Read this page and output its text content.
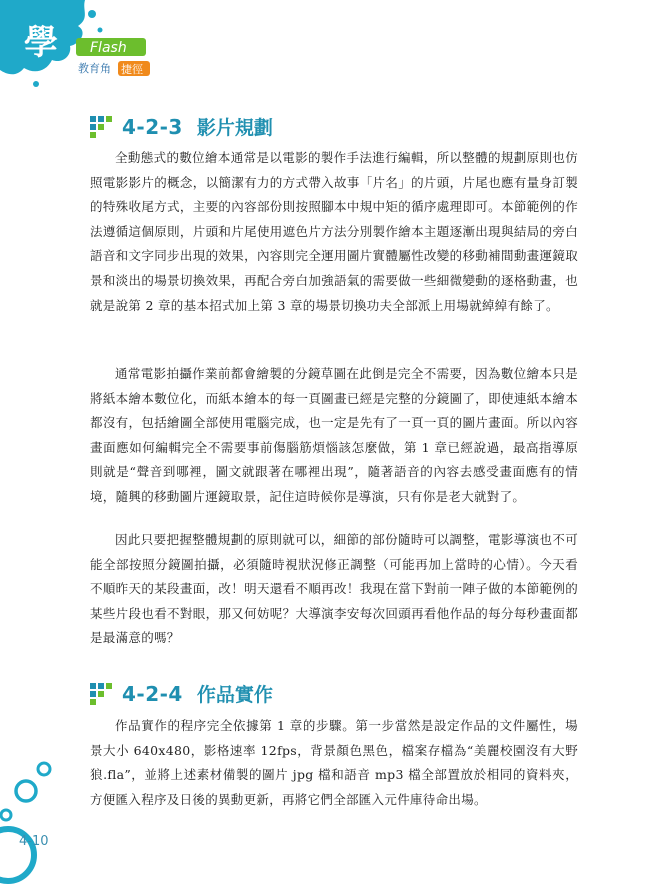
學 Flash
教育角 捷徑
4-2-3 影片規劃

全動態式的數位繪本通常是以電影的製作手法進行編輯，所以整體的規劃原則也仿照電影影片的概念，以簡潔有力的方式帶入故事「片名」的片頭，片尾也應有量身訂製的特殊收尾方式，主要的內容部份則按照腳本中規中矩的循序處理即可。本節範例的作法遵循這個原則，片頭和片尾使用遮色片方法分別製作繪本主題逐漸出現與結局的旁白語音和文字同步出現的效果，內容則完全運用圖片實體屬性改變的移動補間動畫運鏡取景和淡出的場景切換效果，再配合旁白加強語氣的需要做一些細微變動的逐格動畫，也就是說第 2 章的基本招式加上第 3 章的場景切換功夫全部派上用場就綽綽有餘了。

通常電影拍攝作業前都會繪製的分鏡草圖在此倒是完全不需要，因為數位繪本只是將紙本繪本數位化，而紙本繪本的每一頁圖畫已經是完整的分鏡圖了，即使連紙本繪本都沒有，包括繪圖全部使用電腦完成，也一定是先有了一頁一頁的圖片畫面。所以內容畫面應如何編輯完全不需要事前傷腦筋煩惱該怎麼做，第 1 章已經說過，最高指導原則就是“聲音到哪裡，圖文就跟著在哪裡出現”，隨著語音的內容去感受畫面應有的情境，隨興的移動圖片運鏡取景，記住這時候你是導演，只有你是老大就對了。

因此只要把握整體規劃的原則就可以，細節的部份隨時可以調整，電影導演也不可能全部按照分鏡圖拍攝，必須隨時視狀況修正調整（可能再加上當時的心情）。今天看不順昨天的某段畫面，改！明天還看不順再改！我現在當下對前一陣子做的本節範例的某些片段也看不對眼，那又何妨呢？大導演李安每次回頭再看他作品的每分每秒畫面都是最滿意的嗎？

4-2-4 作品實作

作品實作的程序完全依據第 1 章的步驟。第一步當然是設定作品的文件屬性，場景大小 640x480，影格速率 12fps，背景顏色黑色，檔案存檔為“美麗校園沒有大野狼.fla”，並將上述素材備製的圖片 jpg 檔和語音 mp3 檔全部置放於相同的資料夾，方便匯入程序及日後的異動更新，再將它們全部匯入元件庫待命出場。

4-10
